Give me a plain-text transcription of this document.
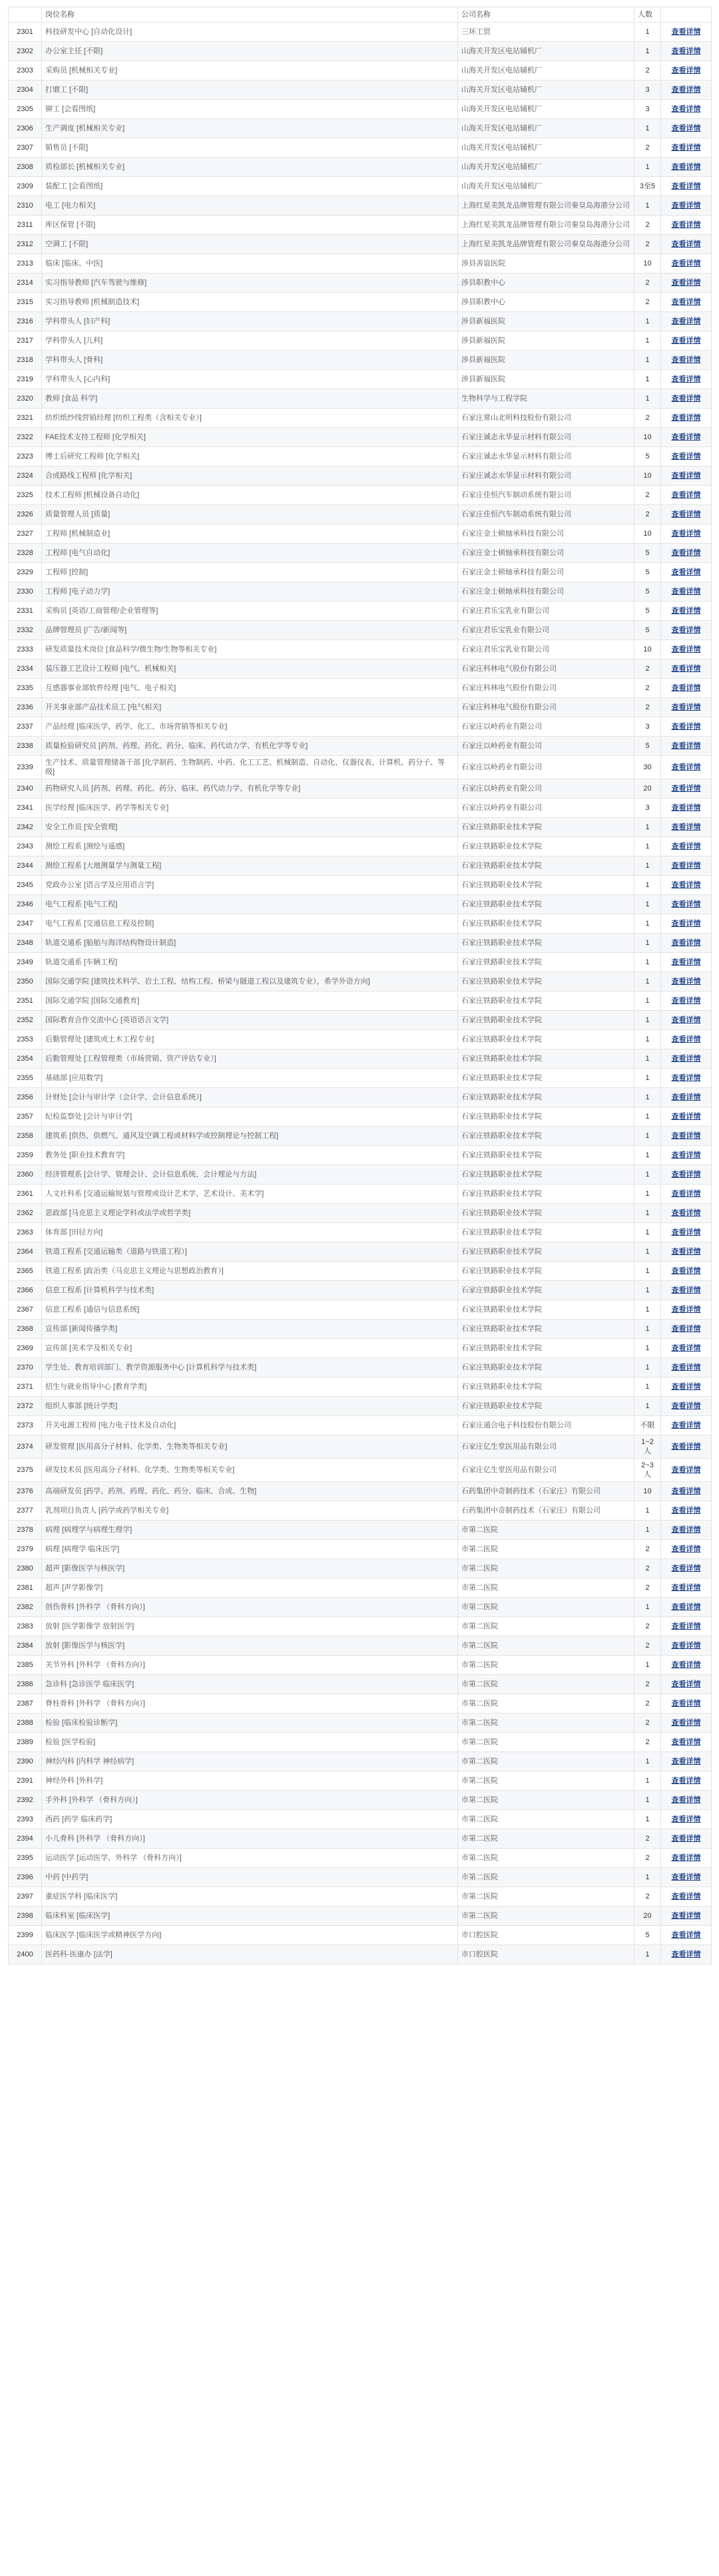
	岗位名称	公司名称	人数	
2301	科技研发中心 [自动化设计]	三环工贸	1	查看详情
2302	办公室主任 [不限]	山海关开发区电站辅机厂	1	查看详情
2303	采购员 [机械相关专业]	山海关开发区电站辅机厂	2	查看详情
2304	打磨工 [不限]	山海关开发区电站辅机厂	3	查看详情
2305	铆工 [会看图纸]	山海关开发区电站辅机厂	3	查看详情
2306	生产调度 [机械相关专业]	山海关开发区电站辅机厂	1	查看详情
2307	销售员 [不限]	山海关开发区电站辅机厂	2	查看详情
2308	质检部长 [机械相关专业]	山海关开发区电站辅机厂	1	查看详情
2309	装配工 [会看图纸]	山海关开发区电站辅机厂	3至5	查看详情
2310	电工 [电力相关]	上海红星美凯龙品牌管理有限公司秦皇岛海港分公司	1	查看详情
2311	库区保管 [不限]	上海红星美凯龙品牌管理有限公司秦皇岛海港分公司	2	查看详情
2312	空调工 [不限]	上海红星美凯龙品牌管理有限公司秦皇岛海港分公司	2	查看详情
2313	临床 [临床、中医]	涉县善谊医院	10	查看详情
2314	实习指导教师 [汽车驾驶与维修]	涉县职教中心	2	查看详情
2315	实习指导教师 [机械制造技术]	涉县职教中心	2	查看详情
2316	学科带头人 [妇产科]	涉县新福医院	1	查看详情
2317	学科带头人 [儿科]	涉县新福医院	1	查看详情
2318	学科带头人 [骨科]	涉县新福医院	1	查看详情
2319	学科带头人 [心内科]	涉县新福医院	1	查看详情
2320	教师 [食品 科学]	生物科学与工程学院	1	查看详情
2321	纺织纸纱线营销经理 [纺织工程类（含相关专业）]	石家庄常山北明科技股份有限公司	2	查看详情
2322	FAE技术支持工程师 [化学相关]	石家庄诚志永华显示材料有限公司	10	查看详情
2323	博士后研究工程师 [化学相关]	石家庄诚志永华显示材料有限公司	5	查看详情
2324	合成路线工程师 [化学相关]	石家庄诚志永华显示材料有限公司	10	查看详情
2325	技术工程师 [机械设备自动化]	石家庄佳恒汽车制动系统有限公司	2	查看详情
2326	质量管理人员 [质量]	石家庄佳恒汽车制动系统有限公司	2	查看详情
2327	工程师 [机械制造业]	石家庄金士顿轴承科技有限公司	10	查看详情
2328	工程师 [电气自动化]	石家庄金士顿轴承科技有限公司	5	查看详情
2329	工程师 [控制]	石家庄金士顿轴承科技有限公司	5	查看详情
2330	工程师 [电子动力学]	石家庄金士顿轴承科技有限公司	5	查看详情
2331	采购员 [英语/工商管理/企业管理等]	石家庄君乐宝乳业有限公司	5	查看详情
2332	品牌管理员 [广告/新闻等]	石家庄君乐宝乳业有限公司	5	查看详情
2333	研发质量技术岗位 [食品科学/微生物/生物等相关专业]	石家庄君乐宝乳业有限公司	10	查看详情
2334	装压器工艺设计工程师 [电气、机械相关]	石家庄科林电气股份有限公司	2	查看详情
2335	互感器事业部软件经理 [电气、电子相关]	石家庄科林电气股份有限公司	2	查看详情
2336	开关事业部产品技术员工 [电气相关]	石家庄科林电气股份有限公司	2	查看详情
2337	产品经理 [临床医学、药学、化工、市场营销等相关专业]	石家庄以岭药业有限公司	3	查看详情
2338	质量检验研究员 [药剂、药理、药化、药分、临床、药代动力学、有机化学等专业]	石家庄以岭药业有限公司	5	查看详情
2339	生产技术、质量管理储备干部 [化学制药、生物制药、中药、化工工艺、机械制造、自动化、仪器仪表、计算机、药分子、等级]	石家庄以岭药业有限公司	30	查看详情
2340	药物研究人员 [药剂、药理、药化、药分、临床、药代动力学、有机化学等专业]	石家庄以岭药业有限公司	20	查看详情
2341	医学经理 [临床医学、药学等相关专业]	石家庄以岭药业有限公司	3	查看详情
2342	安全工作员 [安全管理]	石家庄铁路职业技术学院	1	查看详情
2343	测绘工程系 [测绘与遥感]	石家庄铁路职业技术学院	1	查看详情
2344	测绘工程系 [大地测量学与测量工程]	石家庄铁路职业技术学院	1	查看详情
2345	党政办公室 [语言学及应用语言学]	石家庄铁路职业技术学院	1	查看详情
2346	电气工程系 [电气工程]	石家庄铁路职业技术学院	1	查看详情
2347	电气工程系 [交通信息工程及控制]	石家庄铁路职业技术学院	1	查看详情
2348	轨道交通系 [船舶与海洋结构物设计制造]	石家庄铁路职业技术学院	1	查看详情
2349	轨道交通系 [车辆工程]	石家庄铁路职业技术学院	1	查看详情
2350	国际交通学院 [建筑技术科学、岩土工程、结构工程、桥梁与隧道工程以及建筑专业），希学外语方向]	石家庄铁路职业技术学院	1	查看详情
2351	国际交通学院 [国际交通教育]	石家庄铁路职业技术学院	1	查看详情
2352	国际教育合作交流中心 [英语语言文学]	石家庄铁路职业技术学院	1	查看详情
2353	后勤管理处 [建筑或土木工程专业]	石家庄铁路职业技术学院	1	查看详情
2354	后勤管理处 [工程管理类（市场营销、资产评估专业）]	石家庄铁路职业技术学院	1	查看详情
2355	基础部 [应用数学]	石家庄铁路职业技术学院	1	查看详情
2356	计财处 [会计与审计学（会计学、会计信息系统）]	石家庄铁路职业技术学院	1	查看详情
2357	纪检监察处 [会计与审计学]	石家庄铁路职业技术学院	1	查看详情
2358	建筑系 [供热、供燃气、通风及空调工程或材料学或控制理论与控制工程]	石家庄铁路职业技术学院	1	查看详情
2359	教务处 [职业技术教育学]	石家庄铁路职业技术学院	1	查看详情
2360	经济管理系 [会计学、管理会计、会计信息系统、会计理论与方法]	石家庄铁路职业技术学院	1	查看详情
2361	人文社科系 [交通运输规划与管理或设计艺术学、艺术设计、美术学]	石家庄铁路职业技术学院	1	查看详情
2362	思政部 [马克思主义理论学科或法学或哲学类]	石家庄铁路职业技术学院	1	查看详情
2363	体育部 [田径方向]	石家庄铁路职业技术学院	1	查看详情
2364	铁道工程系 [交通运输类（道路与铁道工程）]	石家庄铁路职业技术学院	1	查看详情
2365	铁道工程系 [政治类（马克思主义理论与思想政治教育）]	石家庄铁路职业技术学院	1	查看详情
2366	信息工程系 [计算机科学与技术类]	石家庄铁路职业技术学院	1	查看详情
2367	信息工程系 [通信与信息系统]	石家庄铁路职业技术学院	1	查看详情
2368	宣传部 [新闻传播学类]	石家庄铁路职业技术学院	1	查看详情
2369	宣传部 [美术学及相关专业]	石家庄铁路职业技术学院	1	查看详情
2370	学生处、教育培训部门、教学资源服务中心 [计算机科学与技术类]	石家庄铁路职业技术学院	1	查看详情
2371	招生与就业指导中心 [教育学类]	石家庄铁路职业技术学院	1	查看详情
2372	组织人事部 [统计学类]	石家庄铁路职业技术学院	1	查看详情
2373	开关电源工程师 [电力电子技术及自动化]	石家庄通合电子科技股份有限公司	不限	查看详情
2374	研发管理 [医用高分子材料、化学类、生物类等相关专业]	石家庄亿生堂医用品有限公司	1~2人	查看详情
2375	研发技术员 [医用高分子材料、化学类、生物类等相关专业]	石家庄亿生堂医用品有限公司	2~3人	查看详情
2376	高端研发员 [药学、药剂、药理、药化、药分、临床、合成、生物]	石药集团中奇制药技术（石家庄）有限公司	10	查看详情
2377	乳剂项目负责人 [药学或药学相关专业]	石药集团中奇制药技术（石家庄）有限公司	1	查看详情
2378	病理 [病理学与病理生理学]	市第二医院	1	查看详情
2379	病理 [病理学 临床医学]	市第二医院	2	查看详情
2380	超声 [影像医学与核医学]	市第二医院	2	查看详情
2381	超声 [声学影像学]	市第二医院	2	查看详情
2382	创伤骨科 [外科学 （骨科方向）]	市第二医院	1	查看详情
2383	放射 [医学影像学 放射医学]	市第二医院	2	查看详情
2384	放射 [影像医学与核医学]	市第二医院	2	查看详情
2385	关节外科 [外科学 （骨科方向）]	市第二医院	1	查看详情
2386	急诊科 [急诊医学 临床医学]	市第二医院	2	查看详情
2387	脊柱骨科 [外科学 （骨科方向）]	市第二医院	2	查看详情
2388	检验 [临床检验诊断学]	市第二医院	2	查看详情
2389	检验 [医学检验]	市第二医院	2	查看详情
2390	神经内科 [内科学 神经病学]	市第二医院	1	查看详情
2391	神经外科 [外科学]	市第二医院	1	查看详情
2392	手外科 [外科学 （骨科方向）]	市第二医院	1	查看详情
2393	西药 [药学 临床药学]	市第二医院	1	查看详情
2394	小儿骨科 [外科学 （骨科方向）]	市第二医院	2	查看详情
2395	运动医学 [运动医学、外科学 （骨科方向）]	市第二医院	2	查看详情
2396	中药 [中药学]	市第二医院	1	查看详情
2397	重症医学科 [临床医学]	市第二医院	2	查看详情
2398	临床科室 [临床医学]	市第二医院	20	查看详情
2399	临床医学 [临床医学或精神医学方向]	市口腔医院	5	查看详情
2400	医药科-医康办 [法学]	市口腔医院	1	查看详情
